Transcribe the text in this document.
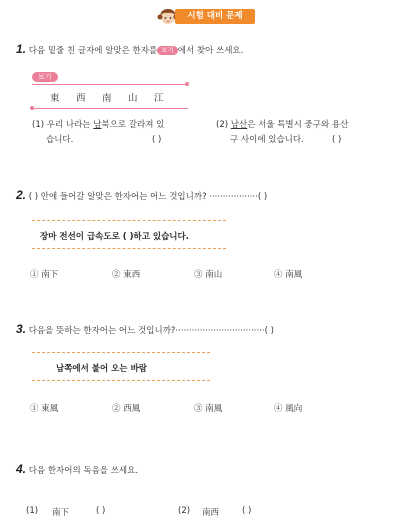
시험 대비 문제
1. 다음 밑줄 친 글자에 알맞은 한자를 보기 에서 찾아 쓰세요.
보기
東 西 南 山 江
(1) 우리 나라는 남북으로 갈라져 있
습니다.	( )
(2) 남산은 서울 특별시 중구와 용산
구 사이에 있습니다.	( )
2. ( ) 안에 들어갈 알맞은 한자어는 어느 것입니까? ··················( )
장마 전선이 급속도로 ( )하고 있습니다.
① 南下	② 東西	③ 南山	④ 南風
3. 다음을 뜻하는 한자어는 어느 것입니까?·································( )
남쪽에서 불어 오는 바람
① 東風	② 西風	③ 南風	④ 風向
4. 다음 한자어의 독음을 쓰세요.
(1) 南下	( )	(2) 南西	( )
